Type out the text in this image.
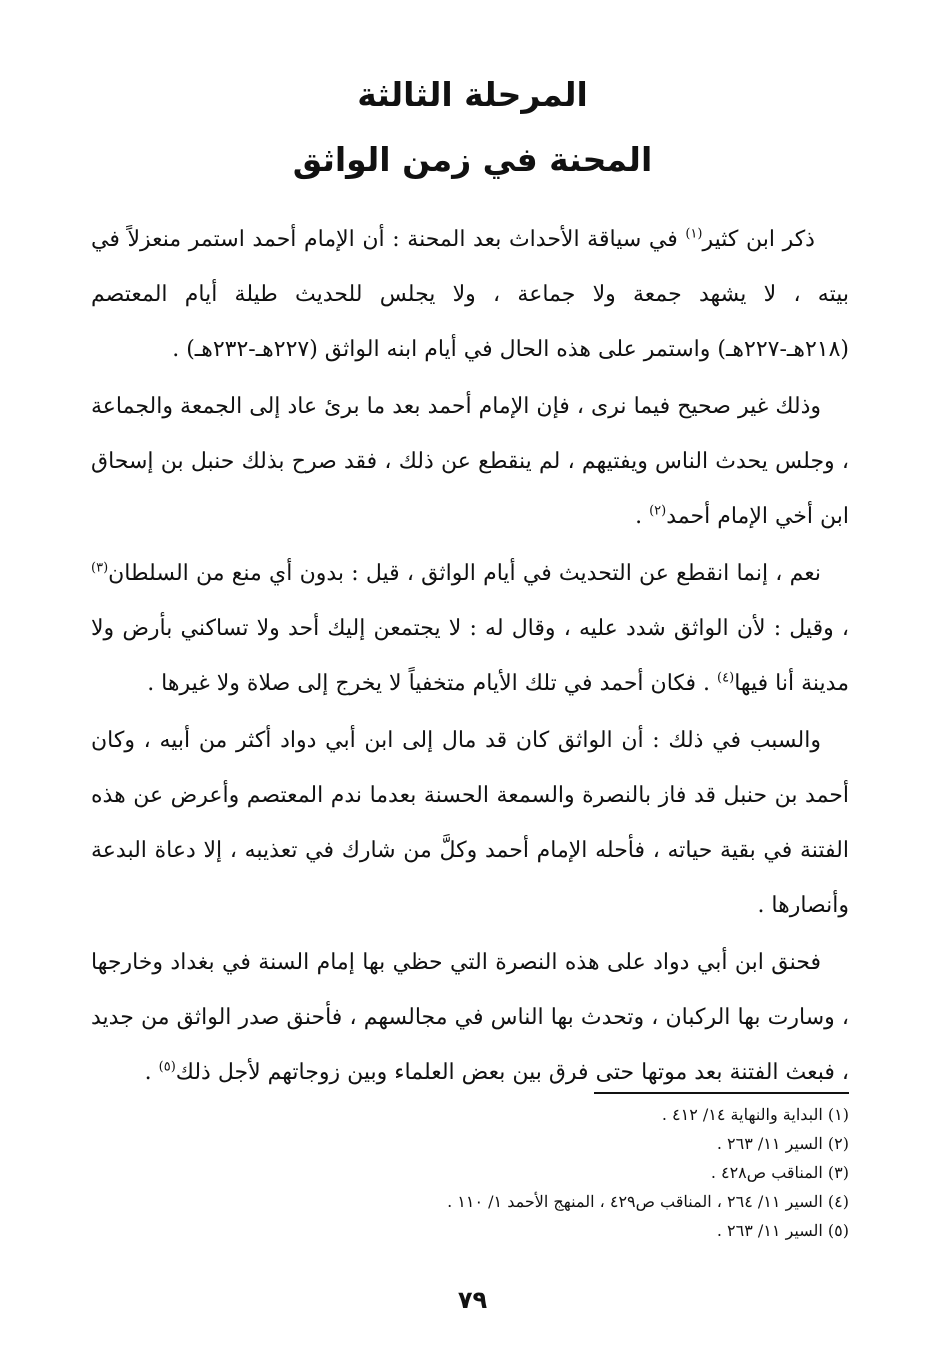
المرحلة الثالثة

المحنة في زمن الواثق

ذكر ابن كثير$^{(١)}$ في سياقة الأحداث بعد المحنة : أن الإمام أحمد استمر منعزلاً في بيته ، لا يشهد جمعة ولا جماعة ، ولا يجلس للحديث طيلة أيام المعتصم (٢١٨هـ-٢٢٧هـ) واستمر على هذه الحال في أيام ابنه الواثق (٢٢٧هـ-٢٣٢هـ) .

وذلك غير صحيح فيما نرى ، فإن الإمام أحمد بعد ما برئ عاد إلى الجمعة والجماعة ، وجلس يحدث الناس ويفتيهم ، لم ينقطع عن ذلك ، فقد صرح بذلك حنبل بن إسحاق ابن أخي الإمام أحمد$^{(٢)}$ .

نعم ، إنما انقطع عن التحديث في أيام الواثق ، قيل : بدون أي منع من السلطان$^{(٣)}$ ، وقيل : لأن الواثق شدد عليه ، وقال له : لا يجتمعن إليك أحد ولا تساكني بأرض ولا مدينة أنا فيها$^{(٤)}$ . فكان أحمد في تلك الأيام متخفياً لا يخرج إلى صلاة ولا غيرها .

والسبب في ذلك : أن الواثق كان قد مال إلى ابن أبي دواد أكثر من أبيه ، وكان أحمد بن حنبل قد فاز بالنصرة والسمعة الحسنة بعدما ندم المعتصم وأعرض عن هذه الفتنة في بقية حياته ، فأحله الإمام أحمد وكلَّ من شارك في تعذيبه ، إلا دعاة البدعة وأنصارها .

فحنق ابن أبي دواد على هذه النصرة التي حظي بها إمام السنة في بغداد وخارجها ، وسارت بها الركبان ، وتحدث بها الناس في مجالسهم ، فأحنق صدر الواثق من جديد ، فبعث الفتنة بعد موتها حتى فرق بين بعض العلماء وبين زوجاتهم لأجل ذلك$^{(٥)}$ .

(١) البداية والنهاية ١٤/ ٤١٢ .

(٢) السير ١١/ ٢٦٣ .

(٣) المناقب ص٤٢٨ .

(٤) السير ١١/ ٢٦٤ ، المناقب ص٤٢٩ ، المنهج الأحمد ١/ ١١٠ .

(٥) السير ١١/ ٢٦٣ .

٧٩
